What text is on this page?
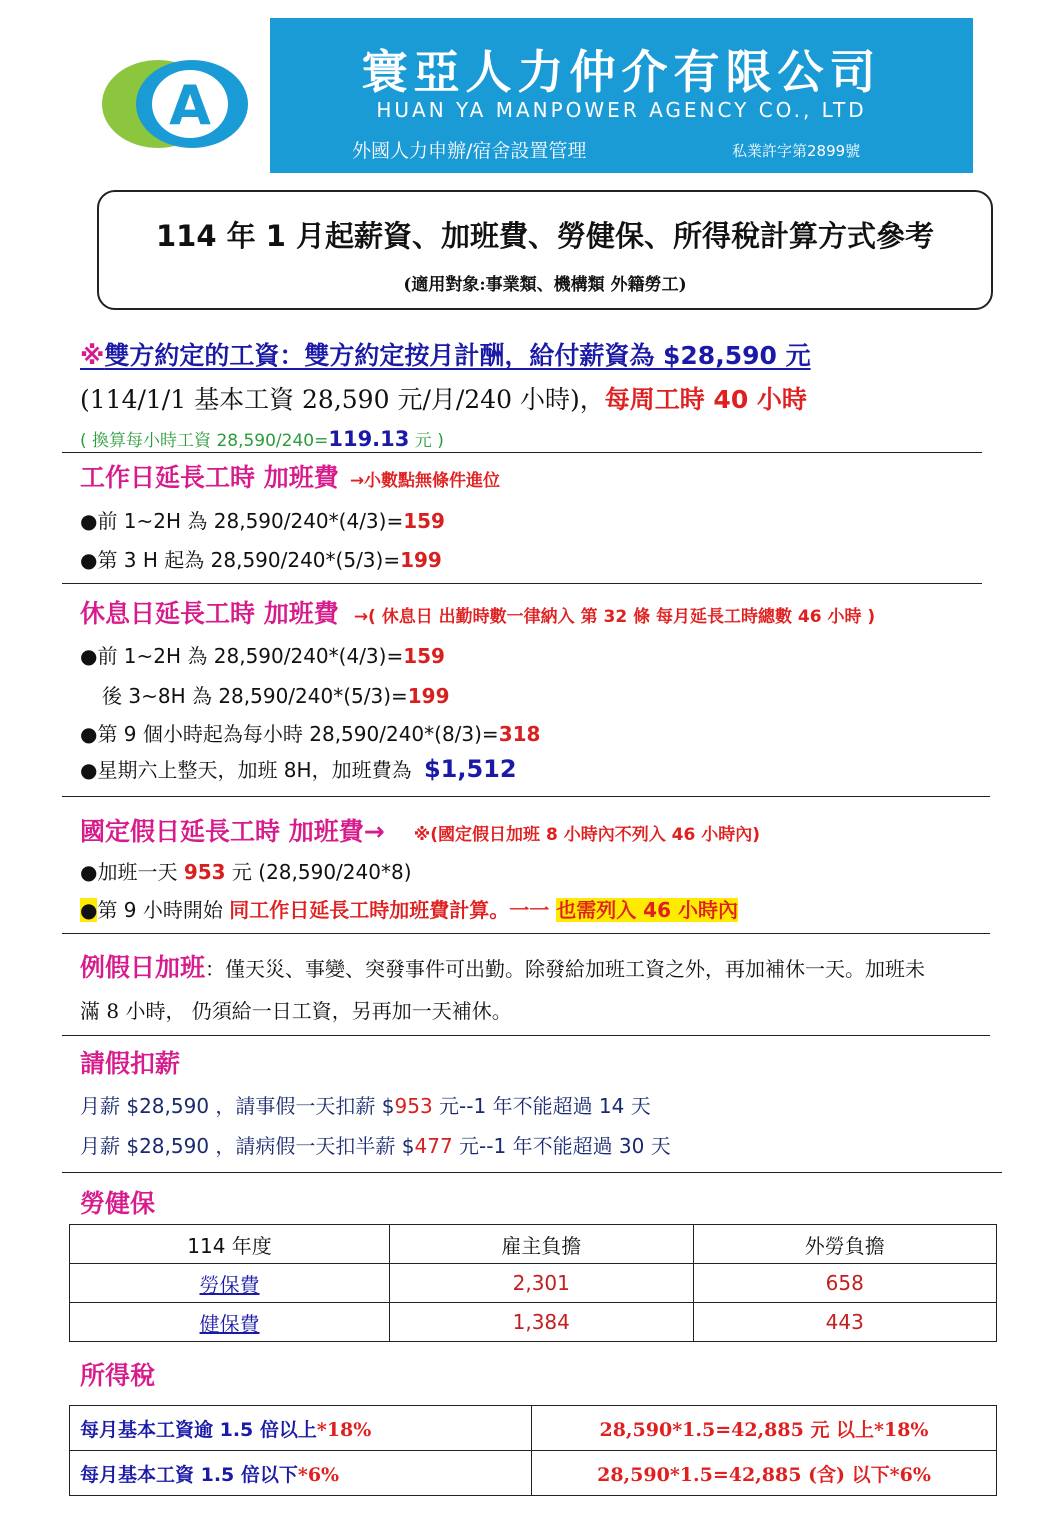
A
寰亞人力仲介有限公司
HUAN YA MANPOWER AGENCY CO., LTD
外國人力申辦/宿舍設置管理	私業許字第2899號
114 年 1 月起薪資、加班費、勞健保、所得稅計算方式參考
(適用對象:事業類、機構類 外籍勞工)
※雙方約定的工資：雙方約定按月計酬，給付薪資為 $28,590 元
(114/1/1 基本工資 28,590 元/月/240 小時)，每周工時 40 小時
( 換算每小時工資 28,590/240=119.13 元 )
工作日延長工時 加班費 →小數點無條件進位
●前 1~2H 為 28,590/240*(4/3)=159
●第 3 H 起為 28,590/240*(5/3)=199
休息日延長工時 加班費 →( 休息日 出勤時數一律納入 第 32 條 每月延長工時總數 46 小時 )
●前 1~2H 為 28,590/240*(4/3)=159
後 3~8H 為 28,590/240*(5/3)=199
●第 9 個小時起為每小時 28,590/240*(8/3)=318
●星期六上整天，加班 8H，加班費為 $1,512
國定假日延長工時 加班費→ ※(國定假日加班 8 小時內不列入 46 小時內)
●加班一天 953 元 (28,590/240*8)
●第 9 小時開始 同工作日延長工時加班費計算。一一 也需列入 46 小時內
例假日加班：僅天災、事變、突發事件可出勤。除發給加班工資之外，再加補休一天。加班未
滿 8 小時， 仍須給一日工資，另再加一天補休。
請假扣薪
月薪 $28,590 ，請事假一天扣薪 $953 元--1 年不能超過 14 天
月薪 $28,590 ，請病假一天扣半薪 $477 元--1 年不能超過 30 天
勞健保
114 年度	雇主負擔	外勞負擔
勞保費	2,301	658
健保費	1,384	443
所得稅
每月基本工資逾 1.5 倍以上*18%	28,590*1.5=42,885 元 以上*18%
每月基本工資 1.5 倍以下*6%	28,590*1.5=42,885 (含) 以下*6%
